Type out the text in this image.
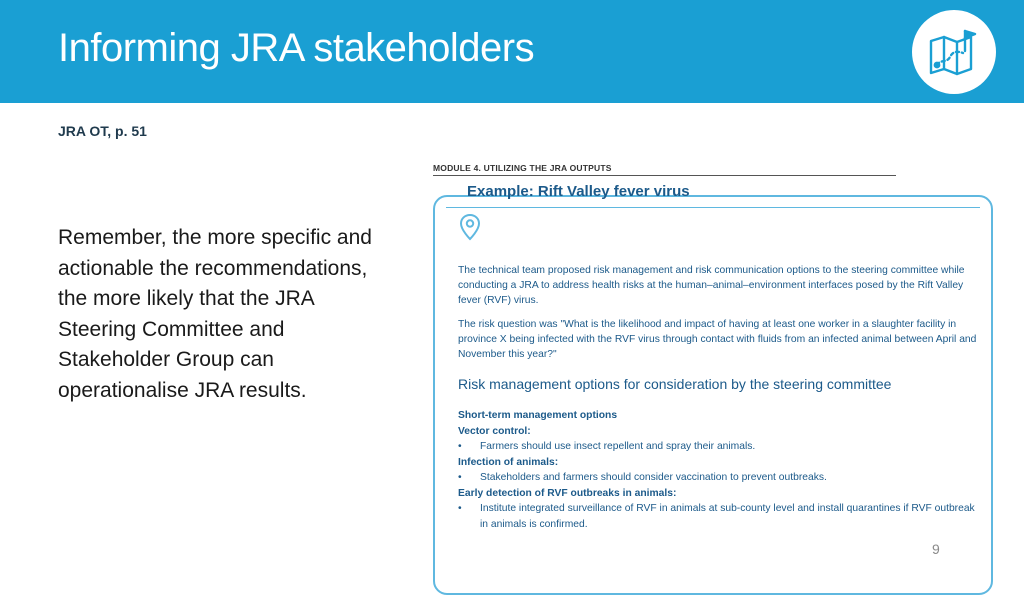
Informing JRA stakeholders
JRA OT, p. 51
Remember, the more specific and actionable the recommendations, the more likely that the JRA Steering Committee and Stakeholder Group can operationalise JRA results.
MODULE 4. UTILIZING THE JRA OUTPUTS
Example: Rift Valley fever virus
The technical team proposed risk management and risk communication options to the steering committee while conducting a JRA to address health risks at the human–animal–environment interfaces posed by the Rift Valley fever (RVF) virus.
The risk question was "What is the likelihood and impact of having at least one worker in a slaughter facility in province X being infected with the RVF virus through contact with fluids from an infected animal between April and November this year?"
Risk management options for consideration by the steering committee
Short-term management options
Vector control:
•	Farmers should use insect repellent and spray their animals.
Infection of animals:
•	Stakeholders and farmers should consider vaccination to prevent outbreaks.
Early detection of RVF outbreaks in animals:
•	Institute integrated surveillance of RVF in animals at sub-county level and install quarantines if RVF outbreak in animals is confirmed.
9
